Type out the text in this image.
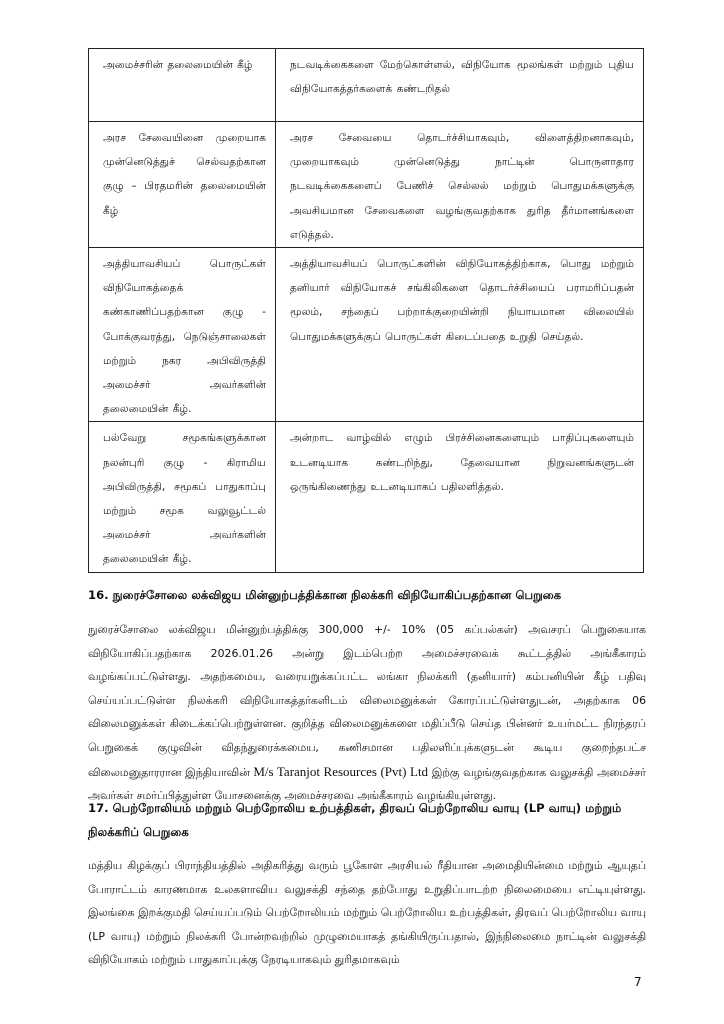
அமைச்சரின் தலைமையின் கீழ்	நடவடிக்கைகளை மேற்கொள்ளல், விநியோக மூலங்கள் மற்றும் புதிய விநியோகத்தர்களைக் கண்டறிதல்
அரச சேவையினை முறையாக முன்னெடுத்துச் செல்வதற்கான குழு – பிரதமரின் தலைமையின் கீழ்	அரச சேவையை தொடர்ச்சியாகவும், விளைத்திறனாகவும், முறையாகவும் முன்னெடுத்து நாட்டின் பொருளாதார நடவடிக்கைகளைப் பேணிச் செல்லல் மற்றும் பொதுமக்களுக்கு அவசியமான சேவைகளை வழங்குவதற்காக துரித தீர்மானங்களை எடுத்தல்.
அத்தியாவசியப் பொருட்கள் விநியோகத்தைக் கண்காணிப்பதற்கான குழு - போக்குவரத்து, நெடுஞ்சாலைகள் மற்றும் நகர அபிவிருத்தி அமைச்சர் அவர்களின் தலைமையின் கீழ்.	அத்தியாவசியப் பொருட்களின் விநியோகத்திற்காக, பொது மற்றும் தனியார் விநியோகச் சங்கிலிகளை தொடர்ச்சியைப் பராமரிப்பதன் மூலம், சந்தைப் பற்றாக்குறையின்றி நியாயமான விலையில் பொதுமக்களுக்குப் பொருட்கள் கிடைப்பதை உறுதி செய்தல்.
பல்வேறு சமூகங்களுக்கான நலன்புரி குழு - கிராமிய அபிவிருத்தி, சமூகப் பாதுகாப்பு மற்றும் சமூக வலுவூட்டல் அமைச்சர் அவர்களின் தலைமையின் கீழ்.	அன்றாட வாழ்வில் எழும் பிரச்சினைகளையும் பாதிப்புகளையும் உடனடியாக கண்டறிந்து, தேவையான நிறுவனங்களுடன் ஒருங்கிணைந்து உடனடியாகப் பதிலளித்தல்.
16. நுரைச்சோலை லக்விஜய மின்னுற்பத்திக்கான நிலக்கரி விநியோகிப்பதற்கான பெறுகை
நுரைச்சோலை லக்விஜய மின்னுற்பத்திக்கு 300,000 +/- 10% (05 கப்பல்கள்) அவசரப் பெறுகையாக விநியோகிப்பதற்காக 2026.01.26 அன்று இடம்பெற்ற அமைச்சரவைக் கூட்டத்தில் அங்கீகாரம் வழங்கப்பட்டுள்ளது. அதற்கமைய, வரையறுக்கப்பட்ட லங்கா நிலக்கரி (தனியார்) கம்பனியின் கீழ் பதிவு செய்யப்பட்டுள்ள நிலக்கரி விநியோகத்தர்களிடம் விலைமனுக்கள் கோரப்பட்டுள்ளதுடன், அதற்காக 06 விலைமனுக்கள் கிடைக்கப்பெற்றுள்ளன. குறித்த விலைமனுக்களை மதிப்பீடு செய்த பின்னர் உயர்மட்ட நிரந்தரப் பெறுகைக் குழுவின் விதந்துரைக்கமைய, கணிசமான பதிலளிப்புக்களுடன் கூடிய குறைந்தபட்ச விலைமனுதாரரான இந்தியாவின் M/s Taranjot Resources (Pvt) Ltd இற்கு வழங்குவதற்காக வலுசக்தி அமைச்சர் அவர்கள் சமர்ப்பித்துள்ள யோசனைக்கு அமைச்சரவை அங்கீகாரம் வழங்கியுள்ளது.
17. பெற்றோலியம் மற்றும் பெற்றோலிய உற்பத்திகள், திரவப் பெற்றோலிய வாயு (LP வாயு) மற்றும் நிலக்கரிப் பெறுகை
மத்திய கிழக்குப் பிராந்தியத்தில் அதிகரித்து வரும் பூகோள அரசியல் ரீதியான அமைதியின்மை மற்றும் ஆயுதப் போராட்டம் காரணமாக உலகளாவிய வலுசக்தி சந்தை தற்போது உறுதிப்பாடற்ற நிலைமையை எட்டியுள்ளது. இலங்கை இறக்குமதி செய்யப்படும் பெற்றோலியம் மற்றும் பெற்றோலிய உற்பத்திகள், திரவப் பெற்றோலிய வாயு (LP வாயு) மற்றும் நிலக்கரி போன்றவற்றில் முழுமையாகத் தங்கியிருப்பதால், இந்நிலைமை நாட்டின் வலுசக்தி விநியோகம் மற்றும் பாதுகாப்புக்கு நேரடியாகவும் துரிதமாகவும்
7
